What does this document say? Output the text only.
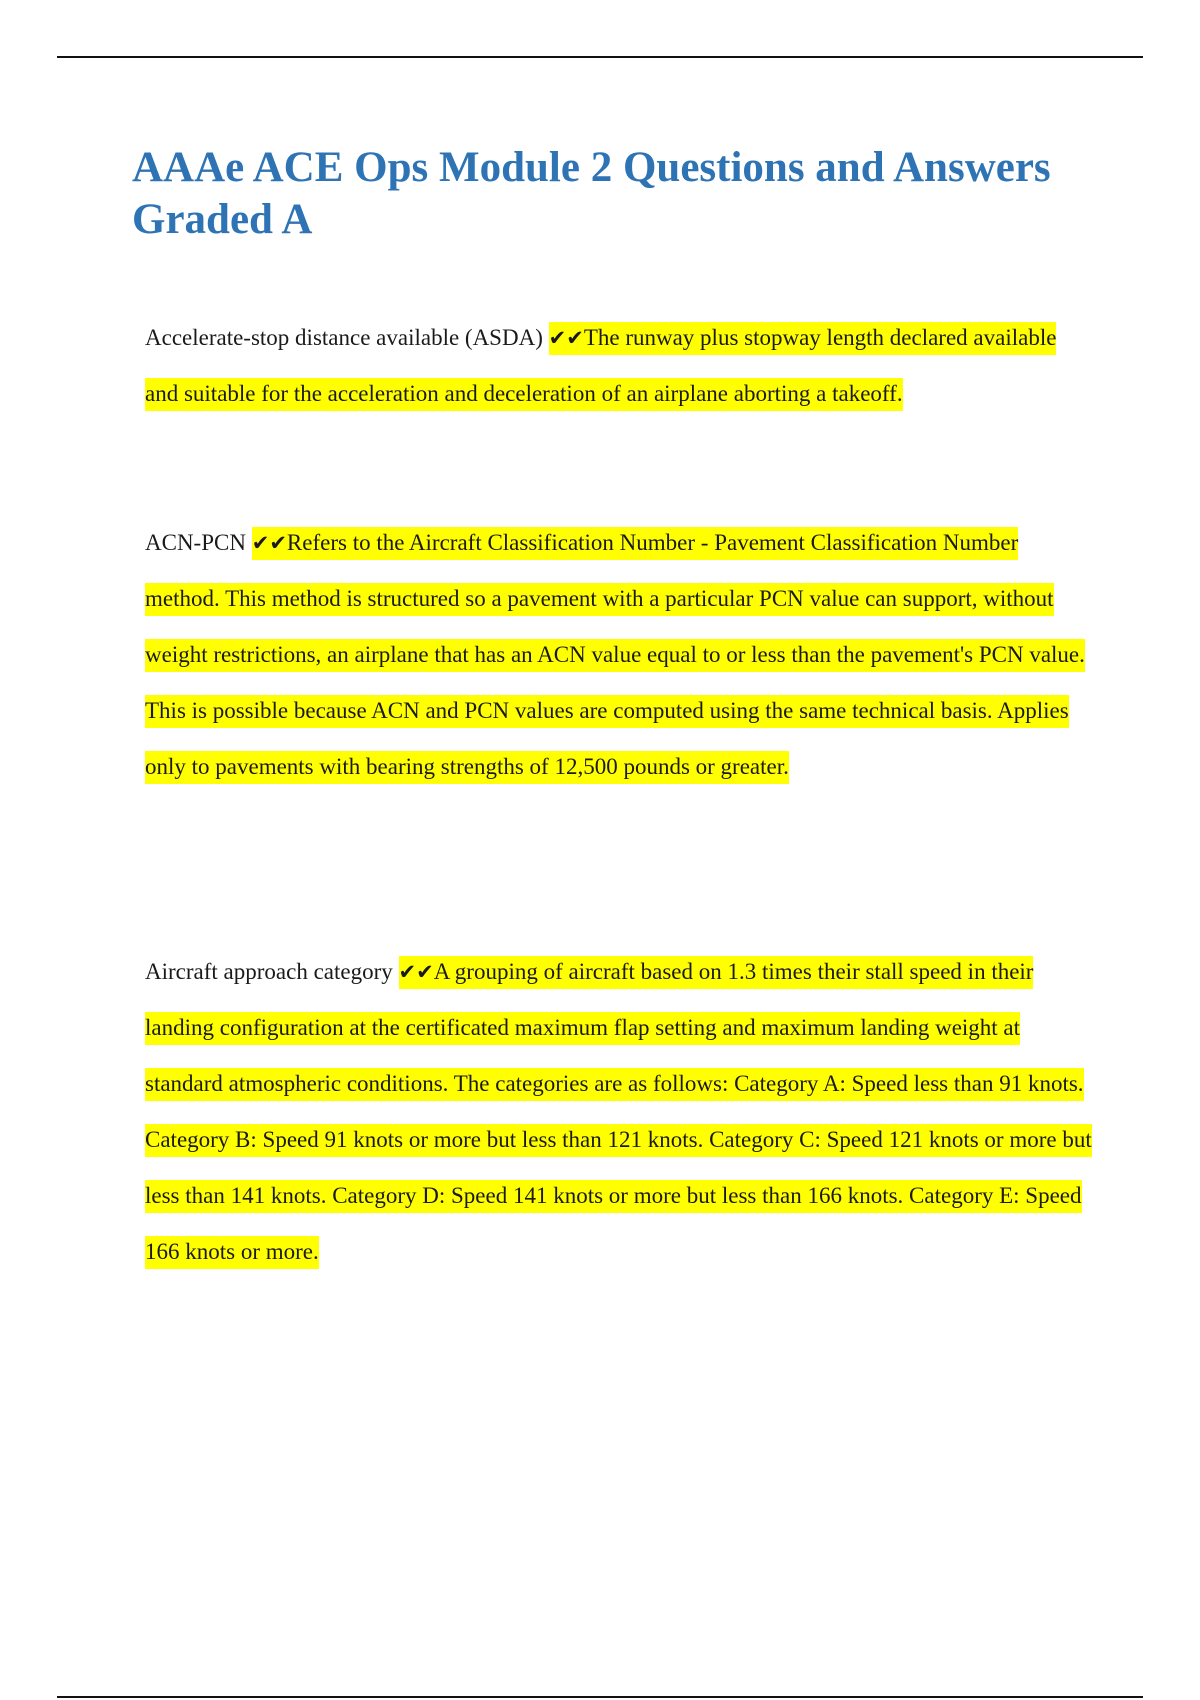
AAAe ACE Ops Module 2 Questions and Answers Graded A

Accelerate-stop distance available (ASDA) ✔✔The runway plus stopway length declared available and suitable for the acceleration and deceleration of an airplane aborting a takeoff.

ACN-PCN ✔✔Refers to the Aircraft Classification Number - Pavement Classification Number method. This method is structured so a pavement with a particular PCN value can support, without weight restrictions, an airplane that has an ACN value equal to or less than the pavement's PCN value. This is possible because ACN and PCN values are computed using the same technical basis. Applies only to pavements with bearing strengths of 12,500 pounds or greater.

Aircraft approach category ✔✔A grouping of aircraft based on 1.3 times their stall speed in their landing configuration at the certificated maximum flap setting and maximum landing weight at standard atmospheric conditions. The categories are as follows: Category A: Speed less than 91 knots. Category B: Speed 91 knots or more but less than 121 knots. Category C: Speed 121 knots or more but less than 141 knots. Category D: Speed 141 knots or more but less than 166 knots. Category E: Speed 166 knots or more.
